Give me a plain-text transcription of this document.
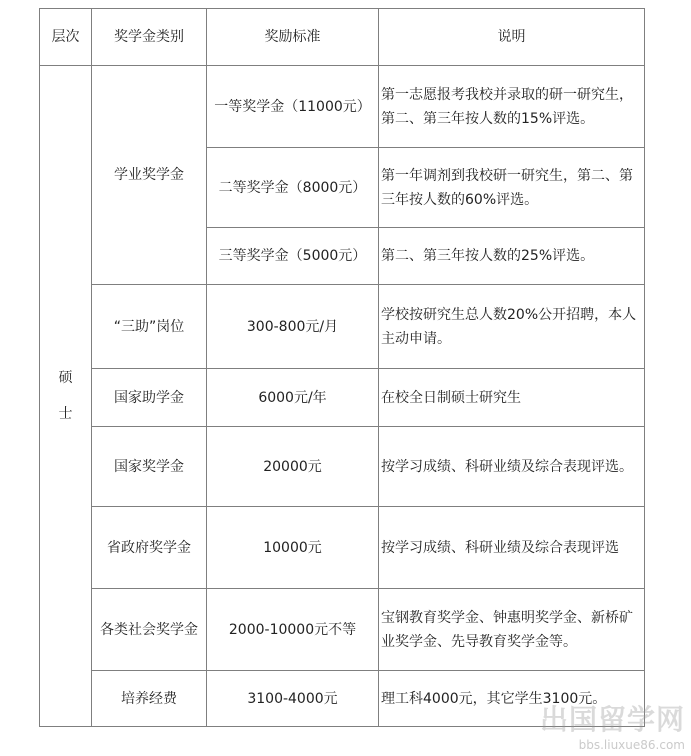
层次	奖学金类别	奖励标准	说明

硕
士	学业奖学金	一等奖学金（11000元）	第一志愿报考我校并录取的研一研究生，第二、第三年按人数的15%评选。
		二等奖学金（8000元）	第一年调剂到我校研一研究生，第二、第三年按人数的60%评选。
		三等奖学金（5000元）	第二、第三年按人数的25%评选。
	“三助”岗位	300-800元/月	学校按研究生总人数20%公开招聘，本人主动申请。
	国家助学金	6000元/年	在校全日制硕士研究生
	国家奖学金	20000元	按学习成绩、科研业绩及综合表现评选。
	省政府奖学金	10000元	按学习成绩、科研业绩及综合表现评选
	各类社会奖学金	2000-10000元不等	宝钢教育奖学金、钟惠明奖学金、新桥矿业奖学金、先导教育奖学金等。
	培养经费	3100-4000元	理工科4000元，其它学生3100元。
出国留学网
bbs.liuxue86.com
